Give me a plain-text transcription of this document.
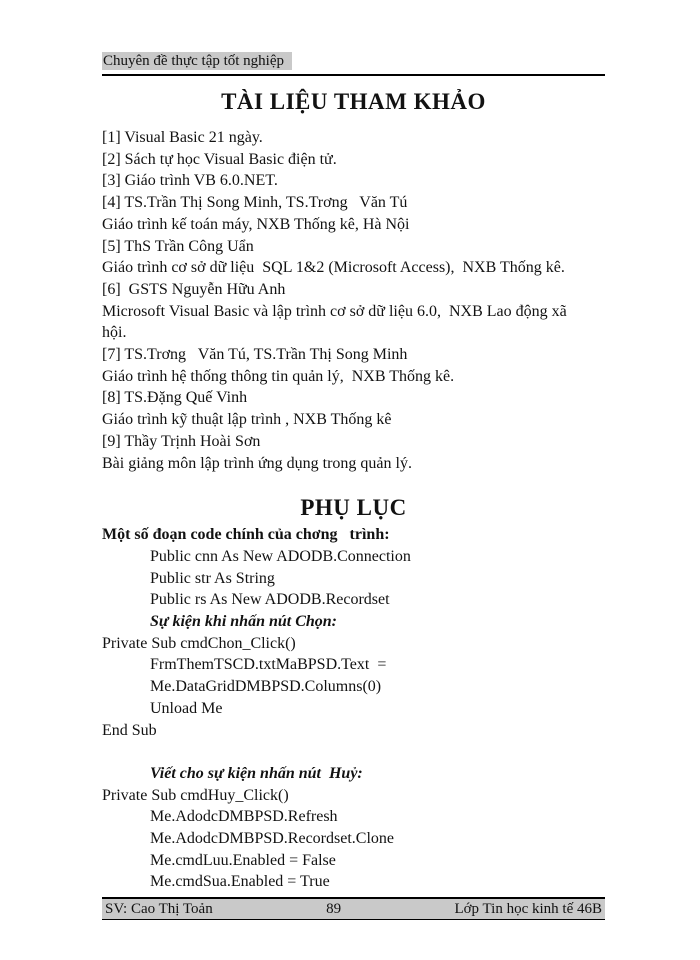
Chuyên đề thực tập tốt nghiệp
TÀI LIỆU THAM KHẢO
[1] Visual Basic 21 ngày.
[2] Sách tự học Visual Basic điện tử.
[3] Giáo trình VB 6.0.NET.
[4] TS.Trần Thị Song Minh, TS.Trơng   Văn Tú
Giáo trình kế toán máy, NXB Thống kê, Hà Nội
[5] ThS Trần Công Uẩn
Giáo trình cơ sở dữ liệu  SQL 1&2 (Microsoft Access),  NXB Thống kê.
[6]  GSTS Nguyễn Hữu Anh
Microsoft Visual Basic và lập trình cơ sở dữ liệu 6.0,  NXB Lao động xã
hội.
[7] TS.Trơng   Văn Tú, TS.Trần Thị Song Minh
Giáo trình hệ thống thông tin quản lý,  NXB Thống kê.
[8] TS.Đặng Quế Vinh
Giáo trình kỹ thuật lập trình , NXB Thống kê
[9] Thầy Trịnh Hoài Sơn
Bài giảng môn lập trình ứng dụng trong quản lý.
PHỤ LỤC
Một số đoạn code chính của chơng   trình:
Public cnn As New ADODB.Connection
Public str As String
Public rs As New ADODB.Recordset
Sự kiện khi nhấn nút Chọn:
Private Sub cmdChon_Click()
FrmThemTSCD.txtMaBPSD.Text  = Me.DataGridDMBPSD.Columns(0)
Unload Me
End Sub
Viết cho sự kiện nhấn nút  Huỷ:
Private Sub cmdHuy_Click()
Me.AdodcDMBPSD.Refresh
Me.AdodcDMBPSD.Recordset.Clone
Me.cmdLuu.Enabled = False
Me.cmdSua.Enabled = True
SV: Cao Thị Toản	89	Lớp Tin học kinh tế 46B
